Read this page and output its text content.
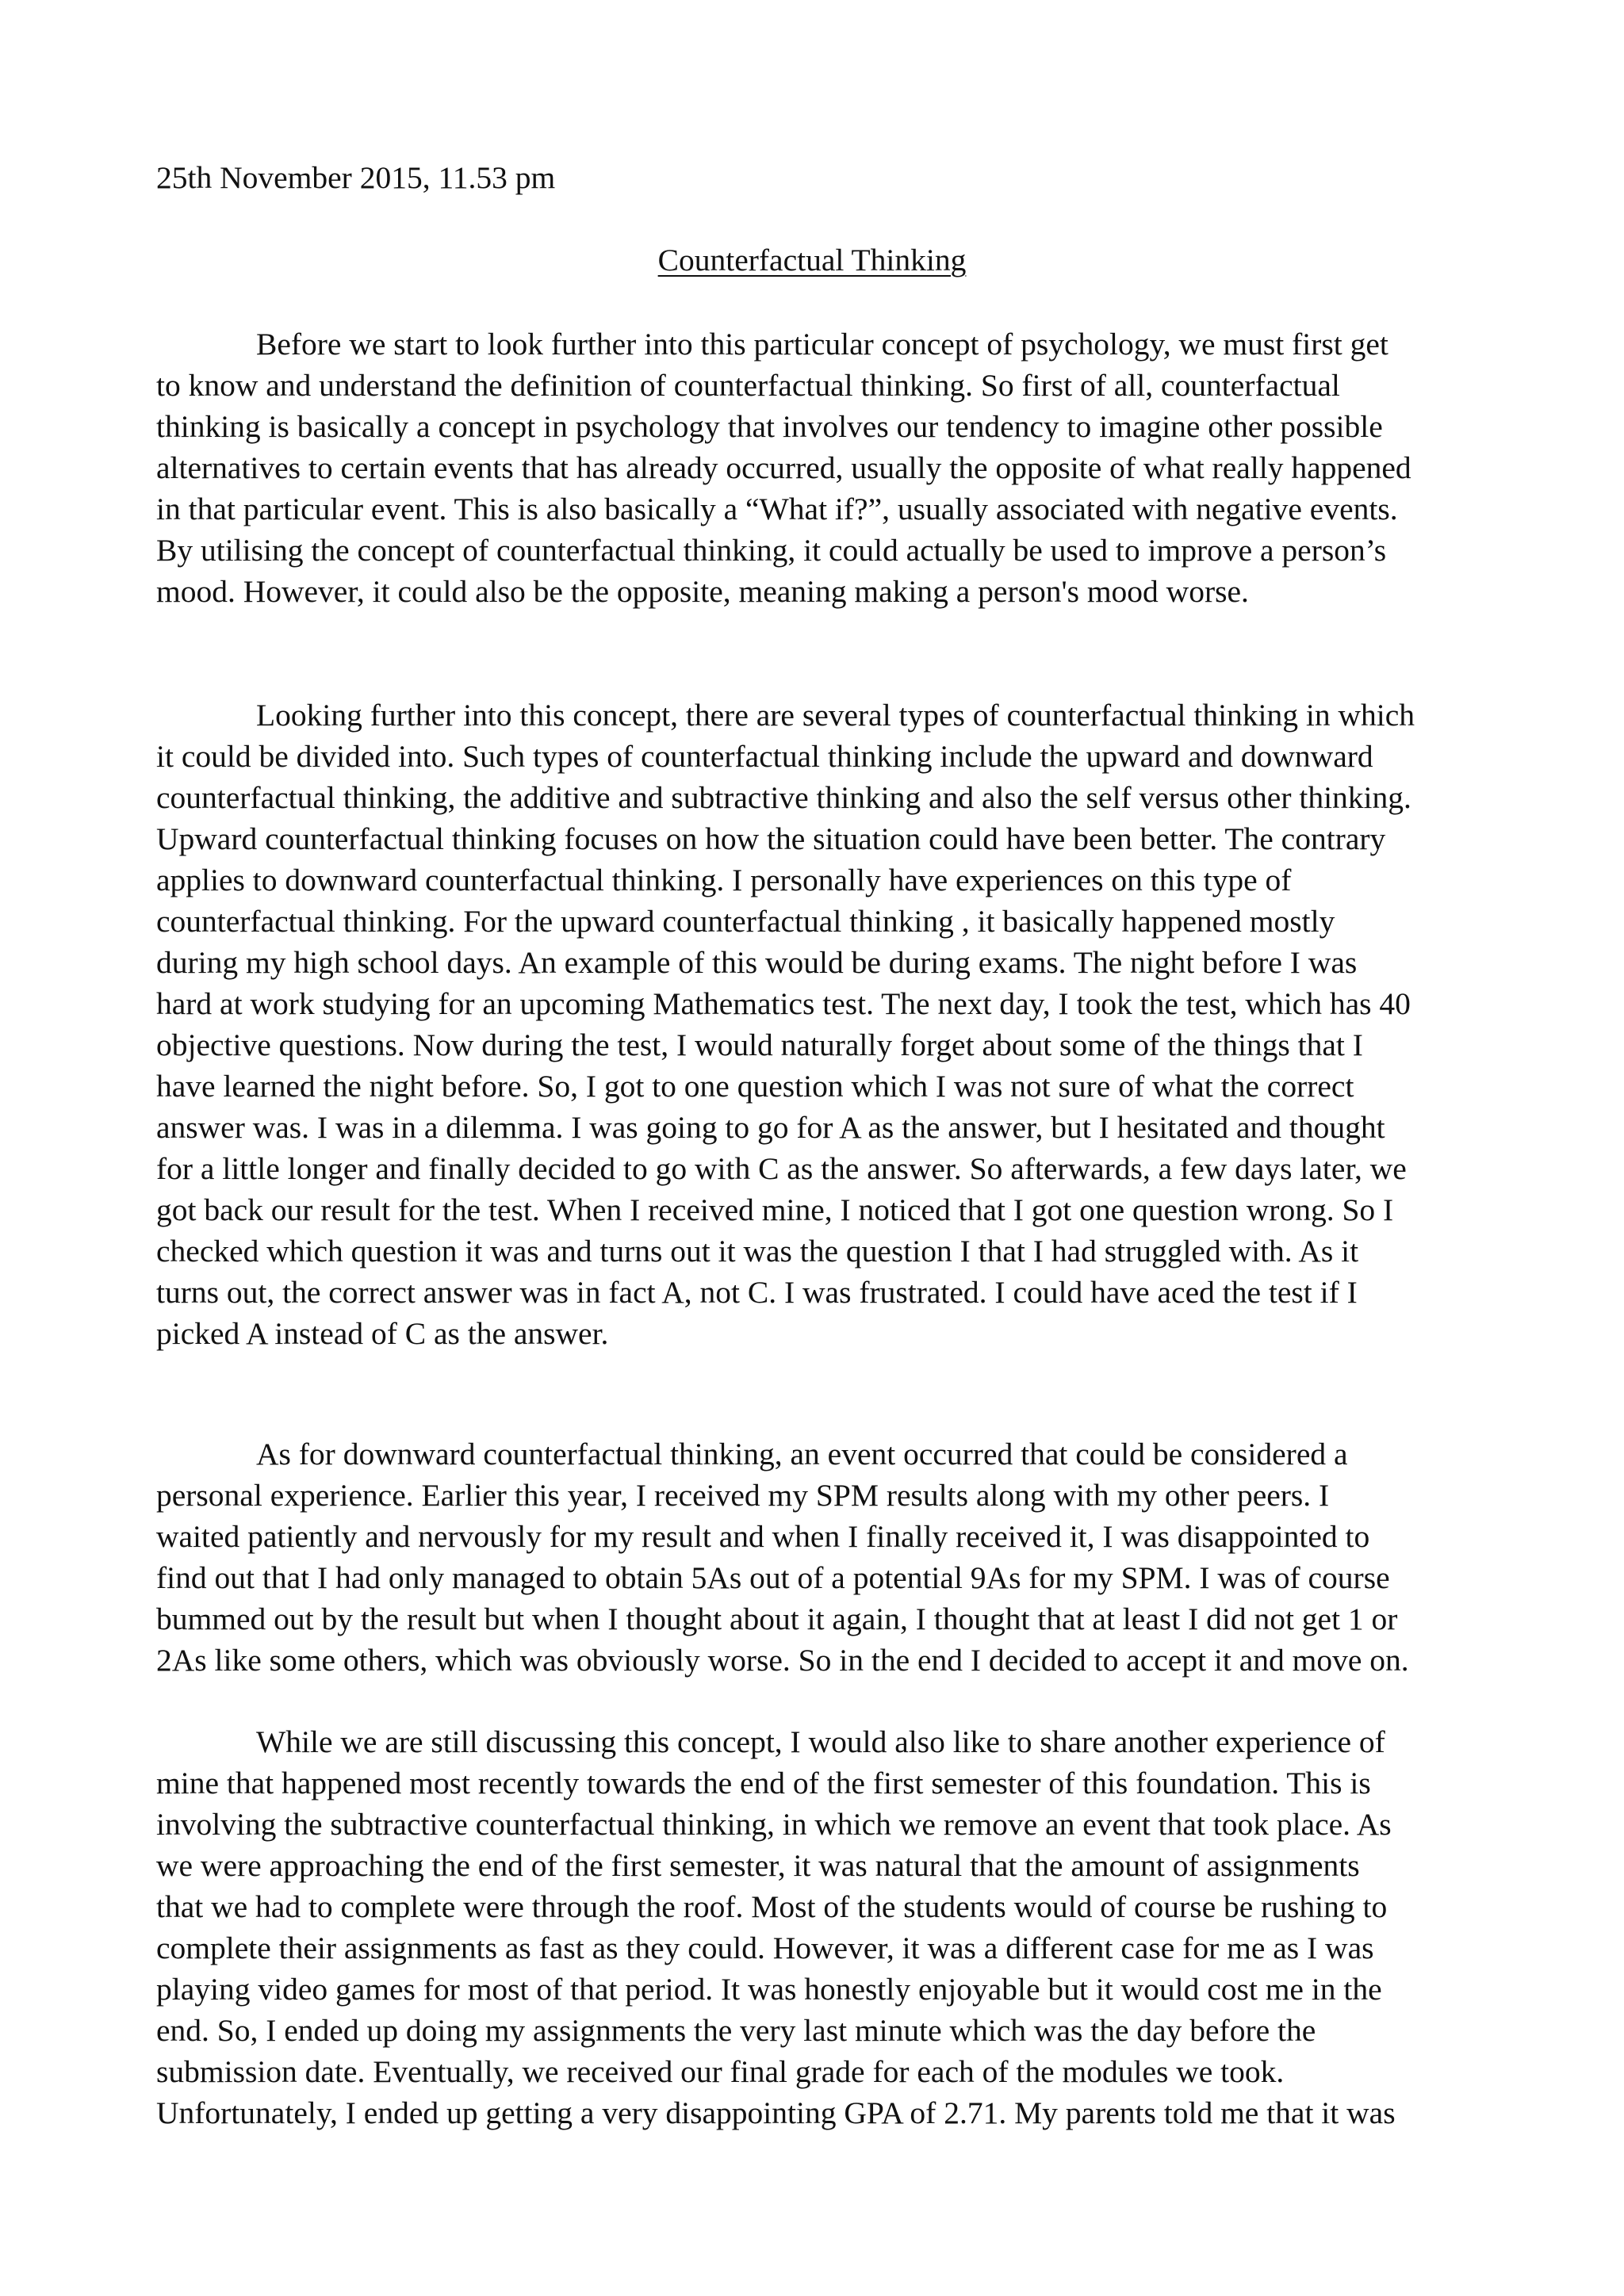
25th November 2015, 11.53 pm

Counterfactual Thinking

Before we start to look further into this particular concept of psychology, we must first get
to know and understand the definition of counterfactual thinking. So first of all, counterfactual
thinking is basically a concept in psychology that involves our tendency to imagine other possible
alternatives to certain events that has already occurred, usually the opposite of what really happened
in that particular event. This is also basically a “What if?”, usually associated with negative events.
By utilising the concept of counterfactual thinking, it could actually be used to improve a person’s
mood. However, it could also be the opposite, meaning making a person's mood worse.
Looking further into this concept, there are several types of counterfactual thinking in which
it could be divided into. Such types of counterfactual thinking include the upward and downward
counterfactual thinking, the additive and subtractive thinking and also the self versus other thinking.
Upward counterfactual thinking focuses on how the situation could have been better. The contrary
applies to downward counterfactual thinking. I personally have experiences on this type of
counterfactual thinking. For the upward counterfactual thinking , it basically happened mostly
during my high school days. An example of this would be during exams. The night before I was
hard at work studying for an upcoming Mathematics test. The next day, I took the test, which has 40
objective questions. Now during the test, I would naturally forget about some of the things that I
have learned the night before. So, I got to one question which I was not sure of what the correct
answer was. I was in a dilemma. I was going to go for A as the answer, but I hesitated and thought
for a little longer and finally decided to go with C as the answer. So afterwards, a few days later, we
got back our result for the test. When I received mine, I noticed that I got one question wrong. So I
checked which question it was and turns out it was the question I that I had struggled with. As it
turns out, the correct answer was in fact A, not C. I was frustrated. I could have aced the test if I
picked A instead of C as the answer.
As for downward counterfactual thinking, an event occurred that could be considered a
personal experience. Earlier this year, I received my SPM results along with my other peers. I
waited patiently and nervously for my result and when I finally received it, I was disappointed to
find out that I had only managed to obtain 5As out of a potential 9As for my SPM. I was of course
bummed out by the result but when I thought about it again, I thought that at least I did not get 1 or
2As like some others, which was obviously worse. So in the end I decided to accept it and move on.
While we are still discussing this concept, I would also like to share another experience of
mine that happened most recently towards the end of the first semester of this foundation. This is
involving the subtractive counterfactual thinking, in which we remove an event that took place. As
we were approaching the end of the first semester, it was natural that the amount of assignments
that we had to complete were through the roof. Most of the students would of course be rushing to
complete their assignments as fast as they could. However, it was a different case for me as I was
playing video games for most of that period. It was honestly enjoyable but it would cost me in the
end. So, I ended up doing my assignments the very last minute which was the day before the
submission date. Eventually, we received our final grade for each of the modules we took.
Unfortunately, I ended up getting a very disappointing GPA of 2.71. My parents told me that it was
